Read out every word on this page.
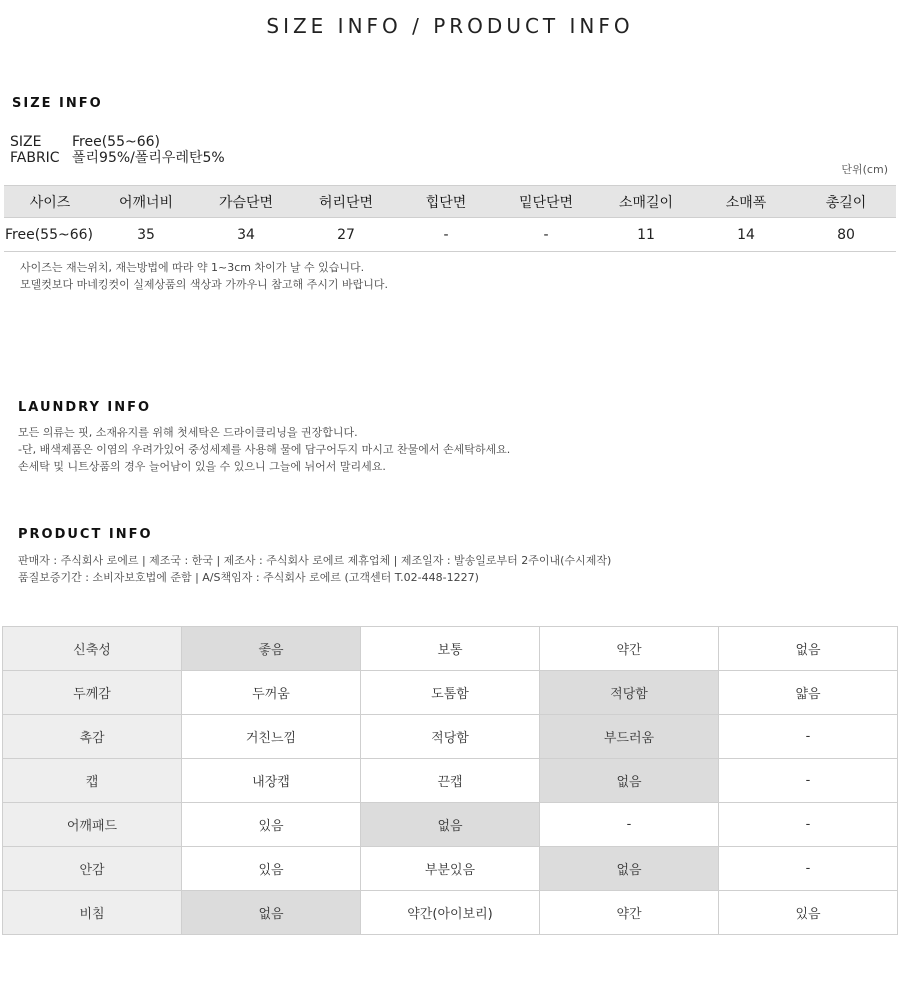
SIZE INFO / PRODUCT INFO
SIZE INFO
SIZE	Free(55~66)
FABRIC 폴리95%/폴리우레탄5%
단위(cm)
사이즈	어깨너비	가슴단면	허리단면	힙단면	밑단단면	소매길이	소매폭	총길이
Free(55~66)	35	34	27	-	-	11	14	80
사이즈는 재는위치, 재는방법에 따라 약 1~3cm 차이가 날 수 있습니다.
모델컷보다 마네킹컷이 실제상품의 색상과 가까우니 참고해 주시기 바랍니다.
LAUNDRY INFO
모든 의류는 핏, 소재유지를 위해 첫세탁은 드라이클리닝을 권장합니다.
-단, 배색제품은 이염의 우려가있어 중성세제를 사용해 물에 담구어두지 마시고 찬물에서 손세탁하세요.
손세탁 및 니트상품의 경우 늘어남이 있을 수 있으니 그늘에 뉘어서 말리세요.
PRODUCT INFO
판매자 : 주식회사 로에르 | 제조국 : 한국 | 제조사 : 주식회사 로에르 제휴업체 | 제조일자 : 발송일로부터 2주이내(수시제작)
품질보증기간 : 소비자보호법에 준함 | A/S책임자 : 주식회사 로에르 (고객센터 T.02-448-1227)
신축성	좋음	보통	약간	없음
두께감	두꺼움	도톰함	적당함	얇음
촉감	거친느낌	적당함	부드러움	-
캡	내장캡	끈캡	없음	-
어깨패드	있음	없음	-	-
안감	있음	부분있음	없음	-
비침	없음	약간(아이보리)	약간	있음
